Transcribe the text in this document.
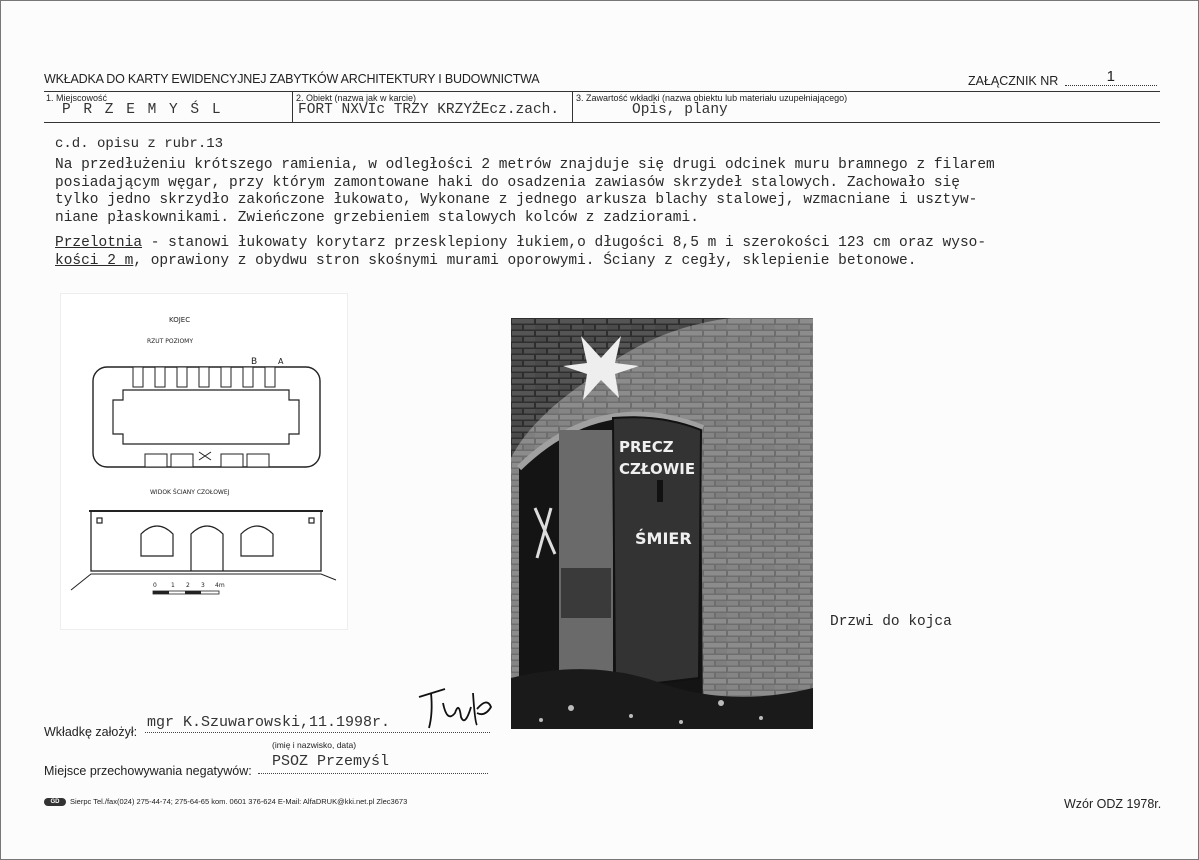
WKŁADKA DO KARTY EWIDENCYJNEJ ZABYTKÓW ARCHITEKTURY I BUDOWNICTWA	ZAŁĄCZNIK NR	1
1. Miejscowość
P R Z E M Y Ś L
2. Obiekt (nazwa jak w karcie)
FORT NXVIc TRZY KRZYŻEcz.zach.
3. Zawartość wkładki (nazwa obiektu lub materiału uzupełniającego)
Opis, plany
c.d. opisu z rubr.13
Na przedłużeniu krótszego ramienia, w odległości 2 metrów znajduje się drugi odcinek muru bramnego z filarem
posiadającym węgar, przy którym zamontowane haki do osadzenia zawiasów skrzydeł stalowych. Zachowało się
tylko jedno skrzydło zakończone łukowato, Wykonane z jednego arkusza blachy stalowej, wzmacniane i usztyw-
niane płaskownikami. Zwieńczone grzebieniem stalowych kolców z zadziorami.
Przelotnia - stanowi łukowaty korytarz przesklepiony łukiem,o długości 8,5 m i szerokości 123 cm oraz wyso-
kości 2 m, oprawiony z obydwu stron skośnymi murami oporowymi. Ściany z cegły, sklepienie betonowe.
KOJEC
RZUT POZIOMY
B	A
WIDOK ŚCIANY CZOŁOWEJ
0 1 2 3 4m
PRECZ
CZŁOWIE
ŚMIER
Drzwi do kojca
Wkładkę założył:
mgr K.Szuwarowski,11.1998r.
(imię i nazwisko, data)
Miejsce przechowywania negatywów:
PSOZ Przemyśl
GD	Sierpc Tel./fax(024) 275-44-74; 275-64-65 kom. 0601 376-624 E-Mail: AlfaDRUK@kki.net.pl Zlec3673	Wzór ODZ 1978r.
